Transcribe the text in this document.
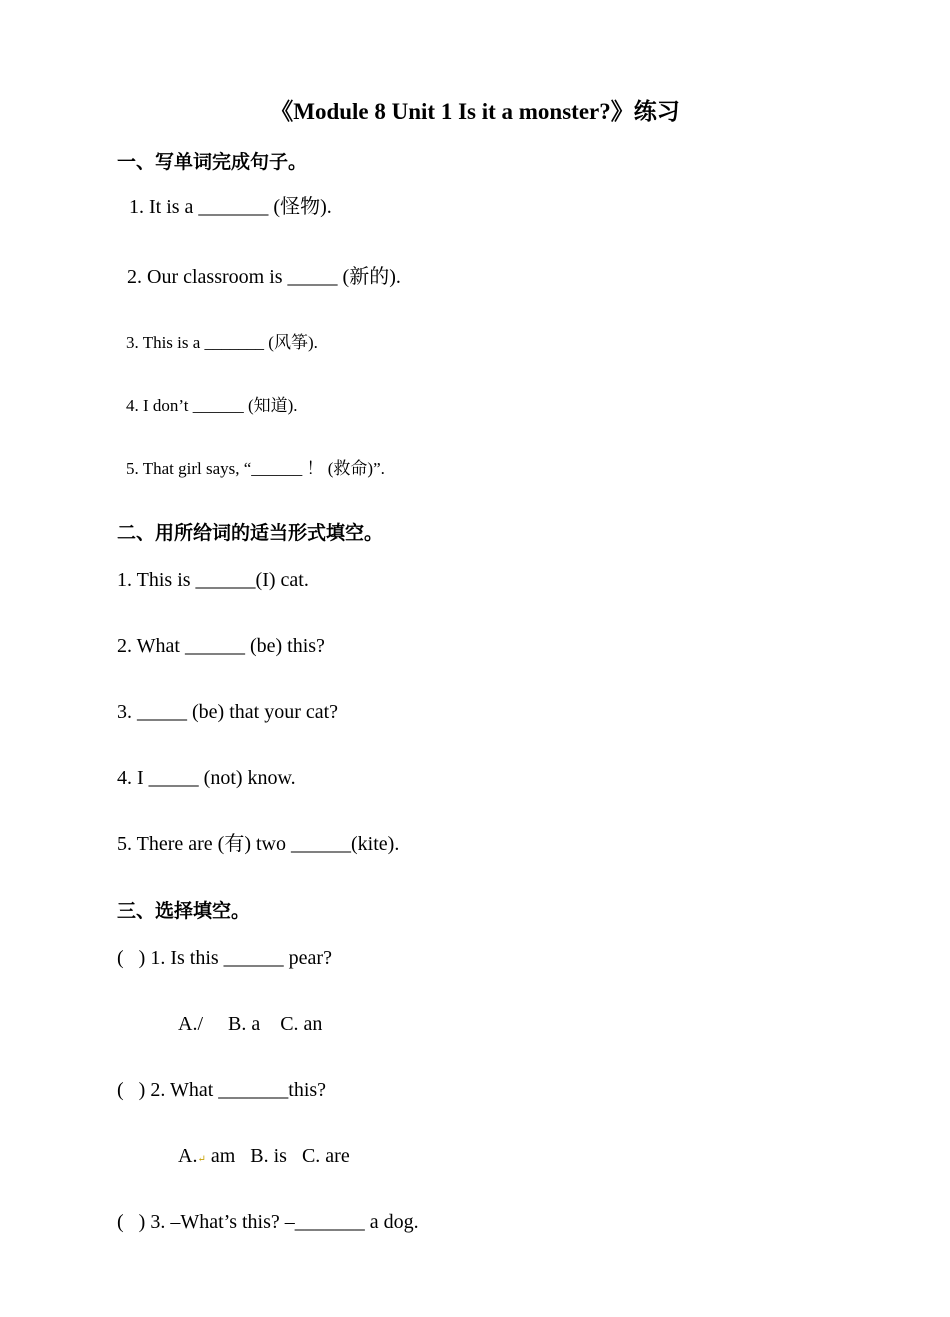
《Module 8 Unit 1 Is it a monster?》练习
一、写单词完成句子。
1. It is a _______ (怪物).
2. Our classroom is _____ (新的).
3. This is a _______ (风筝).
4. I don’t ______ (知道).
5. That girl says, “______ ！ (救命)”.
二、用所给词的适当形式填空。
1. This is ______(I) cat.
2. What ______ (be) this?
3. _____ (be) that your cat?
4. I _____ (not) know.
5. There are (有) two ______(kite).
三、选择填空。
(   ) 1. Is this ______ pear?
A./     B. a    C. an
(   ) 2. What _______this?
A.↵ am   B. is   C. are
(   ) 3. –What’s this? –_______ a dog.
